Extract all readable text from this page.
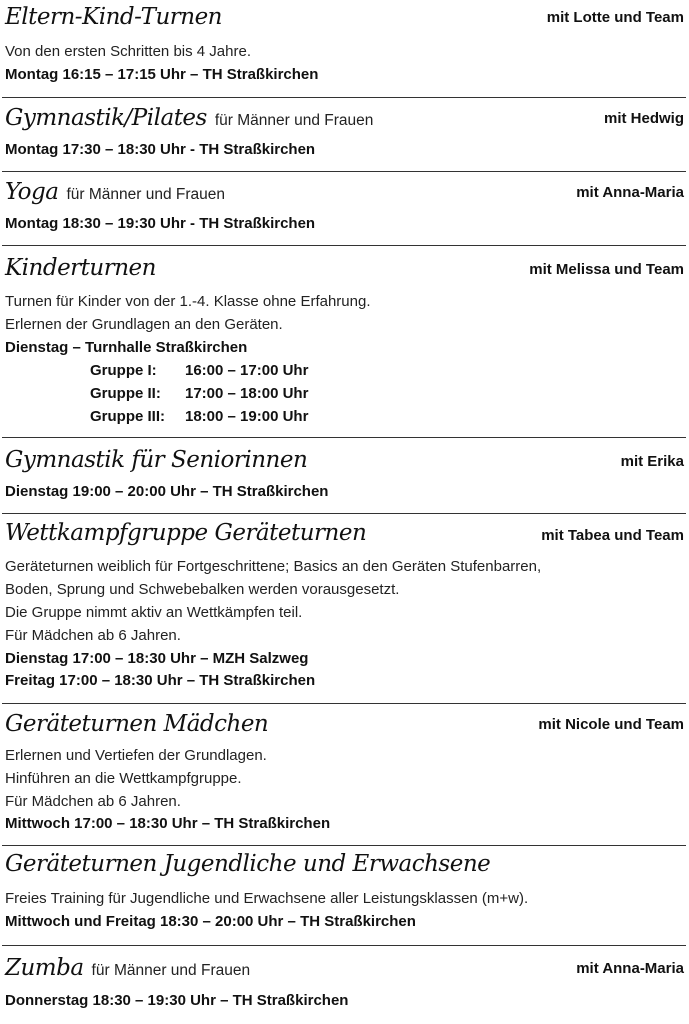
Eltern-Kind-Turnen	mit Lotte und Team
Von den ersten Schritten bis 4 Jahre.
Montag 16:15 – 17:15 Uhr – TH Straßkirchen
Gymnastik/Pilates für Männer und Frauen	mit Hedwig
Montag 17:30 – 18:30 Uhr - TH Straßkirchen
Yoga für Männer und Frauen	mit Anna-Maria
Montag 18:30 – 19:30 Uhr - TH Straßkirchen
Kinderturnen	mit Melissa und Team
Turnen für Kinder von der 1.-4. Klasse ohne Erfahrung.
Erlernen der Grundlagen an den Geräten.
Dienstag – Turnhalle Straßkirchen
Gruppe I: 16:00 – 17:00 Uhr
Gruppe II: 17:00 – 18:00 Uhr
Gruppe III: 18:00 – 19:00 Uhr
Gymnastik für Seniorinnen	mit Erika
Dienstag 19:00 – 20:00 Uhr – TH Straßkirchen
Wettkampfgruppe Geräteturnen	mit Tabea und Team
Geräteturnen weiblich für Fortgeschrittene; Basics an den Geräten Stufenbarren,
Boden, Sprung und Schwebebalken werden vorausgesetzt.
Die Gruppe nimmt aktiv an Wettkämpfen teil.
Für Mädchen ab 6 Jahren.
Dienstag 17:00 – 18:30 Uhr – MZH Salzweg
Freitag 17:00 – 18:30 Uhr – TH Straßkirchen
Geräteturnen Mädchen	mit Nicole und Team
Erlernen und Vertiefen der Grundlagen.
Hinführen an die Wettkampfgruppe.
Für Mädchen ab 6 Jahren.
Mittwoch 17:00 – 18:30 Uhr – TH Straßkirchen
Geräteturnen Jugendliche und Erwachsene
Freies Training für Jugendliche und Erwachsene aller Leistungsklassen (m+w).
Mittwoch und Freitag 18:30 – 20:00 Uhr – TH Straßkirchen
Zumba für Männer und Frauen	mit Anna-Maria
Donnerstag 18:30 – 19:30 Uhr – TH Straßkirchen
